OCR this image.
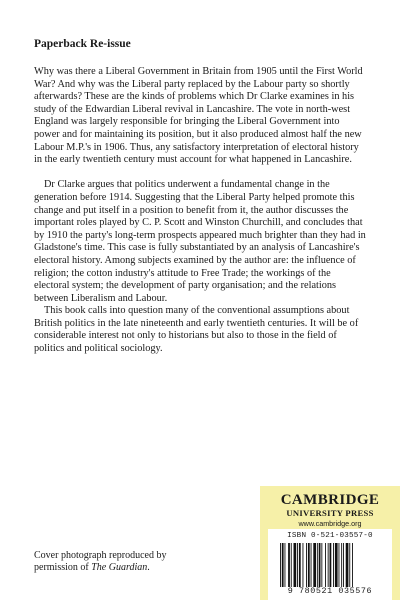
Paperback Re-issue

Why was there a Liberal Government in Britain from 1905 until the First World War? And why was the Liberal party replaced by the Labour party so shortly afterwards? These are the kinds of problems which Dr Clarke examines in his study of the Edwardian Liberal revival in Lancashire. The vote in north-west England was largely responsible for bringing the Liberal Government into power and for maintaining its position, but it also produced almost half the new Labour M.P.'s in 1906. Thus, any satisfactory interpretation of electoral history in the early twentieth century must account for what happened in Lancashire.

Dr Clarke argues that politics underwent a fundamental change in the generation before 1914. Suggesting that the Liberal Party helped promote this change and put itself in a position to benefit from it, the author discusses the important roles played by C. P. Scott and Winston Churchill, and concludes that by 1910 the party's long-term prospects appeared much brighter than they had in Gladstone's time. This case is fully substantiated by an analysis of Lancashire's electoral history. Among subjects examined by the author are: the influence of religion; the cotton industry's attitude to Free Trade; the workings of the electoral system; the development of party organisation; and the relations between Liberalism and Labour.

This book calls into question many of the conventional assumptions about British politics in the late nineteenth and early twentieth centuries. It will be of considerable interest not only to historians but also to those in the field of politics and political sociology.

Cover photograph reproduced by
permission of The Guardian.
CAMBRIDGE
UNIVERSITY PRESS
www.cambridge.org
ISBN 0-521-03557-0
9 780521 035576
